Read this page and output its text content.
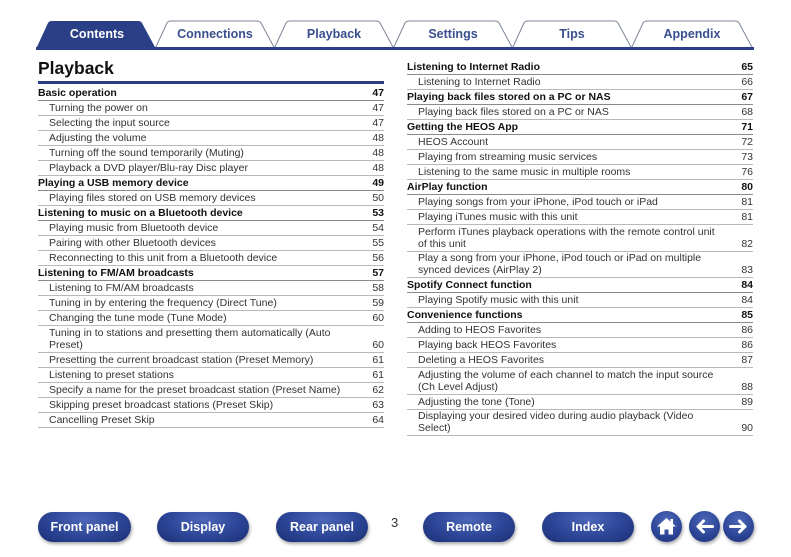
Contents	Connections	Playback	Settings	Tips	Appendix
Playback
Basic operation	47
Turning the power on	47
Selecting the input source	47
Adjusting the volume	48
Turning off the sound temporarily (Muting)	48
Playback a DVD player/Blu-ray Disc player	48
Playing a USB memory device	49
Playing files stored on USB memory devices	50
Listening to music on a Bluetooth device	53
Playing music from Bluetooth device	54
Pairing with other Bluetooth devices	55
Reconnecting to this unit from a Bluetooth device	56
Listening to FM/AM broadcasts	57
Listening to FM/AM broadcasts	58
Tuning in by entering the frequency (Direct Tune)	59
Changing the tune mode (Tune Mode)	60
Tuning in to stations and presetting them automatically (Auto Preset)	60
Presetting the current broadcast station (Preset Memory)	61
Listening to preset stations	61
Specify a name for the preset broadcast station (Preset Name)	62
Skipping preset broadcast stations (Preset Skip)	63
Cancelling Preset Skip	64
Listening to Internet Radio	65
Listening to Internet Radio	66
Playing back files stored on a PC or NAS	67
Playing back files stored on a PC or NAS	68
Getting the HEOS App	71
HEOS Account	72
Playing from streaming music services	73
Listening to the same music in multiple rooms	76
AirPlay function	80
Playing songs from your iPhone, iPod touch or iPad	81
Playing iTunes music with this unit	81
Perform iTunes playback operations with the remote control unit of this unit	82
Play a song from your iPhone, iPod touch or iPad on multiple synced devices (AirPlay 2)	83
Spotify Connect function	84
Playing Spotify music with this unit	84
Convenience functions	85
Adding to HEOS Favorites	86
Playing back HEOS Favorites	86
Deleting a HEOS Favorites	87
Adjusting the volume of each channel to match the input source (Ch Level Adjust)	88
Adjusting the tone (Tone)	89
Displaying your desired video during audio playback (Video Select)	90
Front panel	Display	Rear panel	3	Remote	Index
